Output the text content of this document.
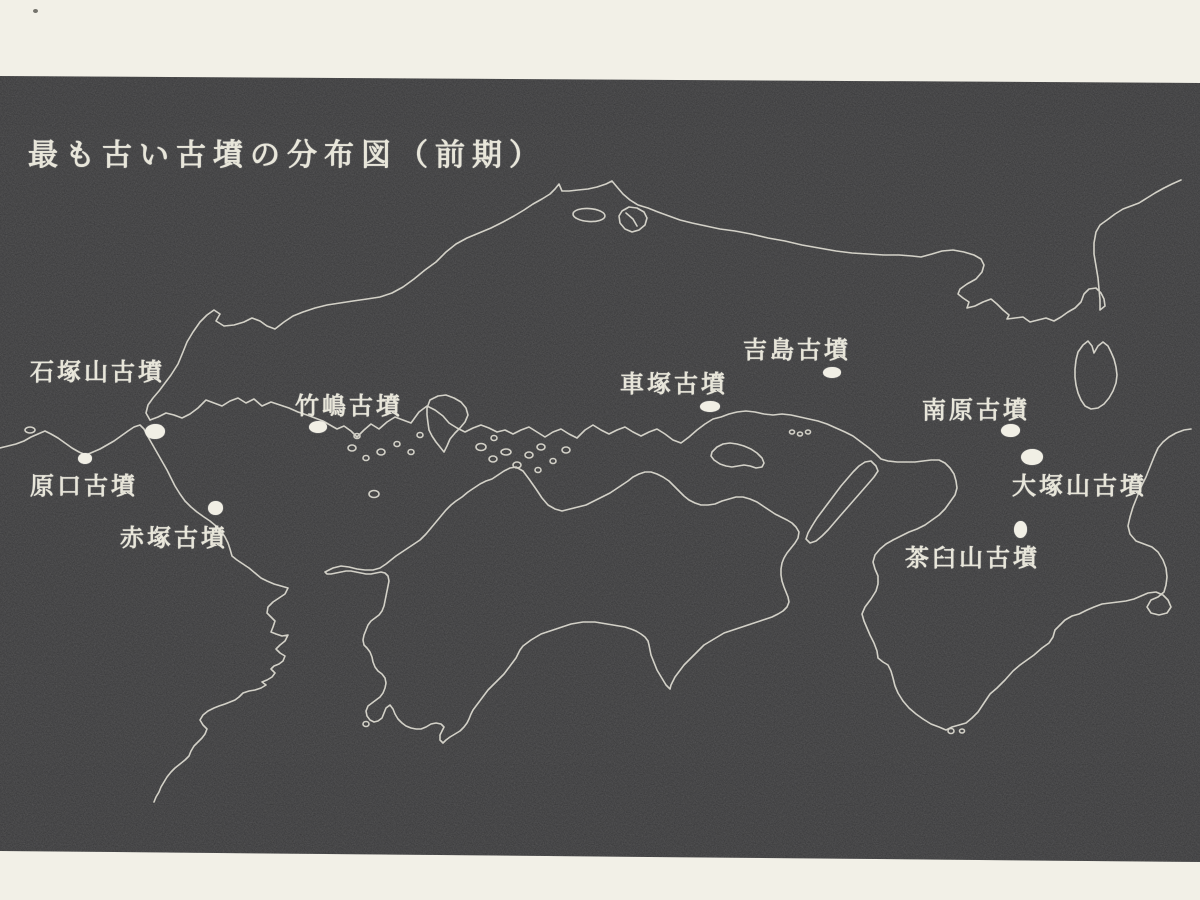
最も古い古墳の分布図（前期）
石塚山古墳
原口古墳
赤塚古墳
竹嶋古墳
車塚古墳
吉島古墳
南原古墳
大塚山古墳
茶臼山古墳
